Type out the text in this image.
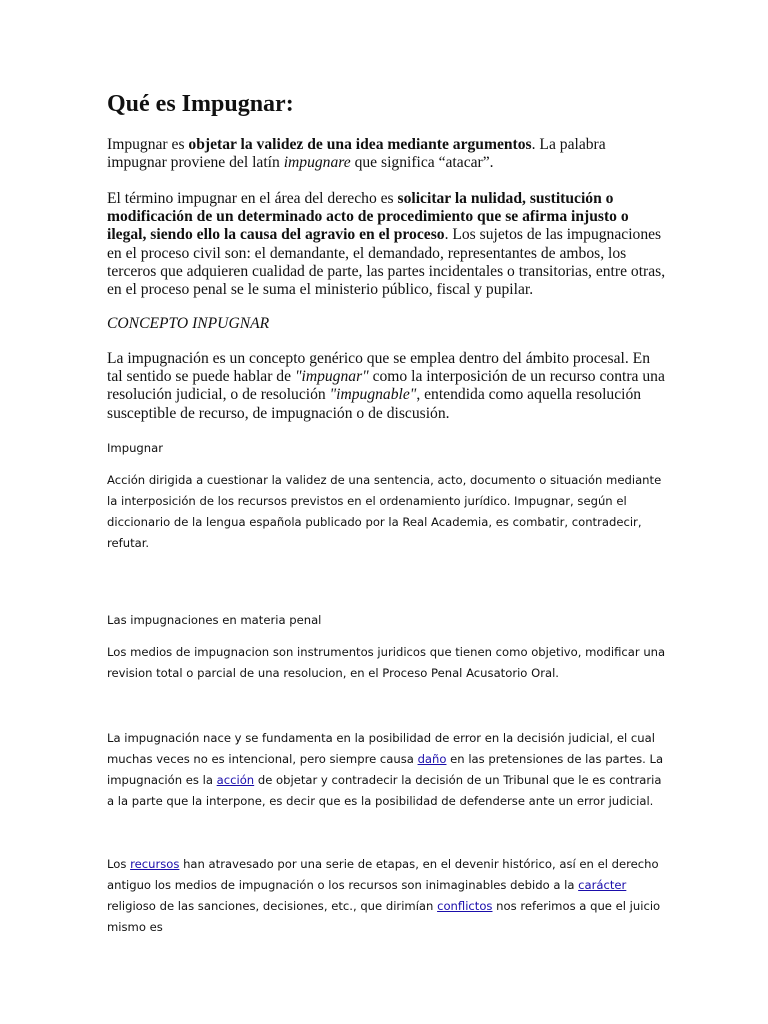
Qué es Impugnar:

Impugnar es objetar la validez de una idea mediante argumentos. La palabra impugnar proviene del latín impugnare que significa “atacar”.

El término impugnar en el área del derecho es solicitar la nulidad, sustitución o modificación de un determinado acto de procedimiento que se afirma injusto o ilegal, siendo ello la causa del agravio en el proceso. Los sujetos de las impugnaciones en el proceso civil son: el demandante, el demandado, representantes de ambos, los terceros que adquieren cualidad de parte, las partes incidentales o transitorias, entre otras, en el proceso penal se le suma el ministerio público, fiscal y pupilar.

CONCEPTO INPUGNAR

La impugnación es un concepto genérico que se emplea dentro del ámbito procesal. En tal sentido se puede hablar de "impugnar" como la interposición de un recurso contra una resolución judicial, o de resolución "impugnable", entendida como aquella resolución susceptible de recurso, de impugnación o de discusión.

Impugnar

Acción dirigida a cuestionar la validez de una sentencia, acto, documento o situación mediante la interposición de los recursos previstos en el ordenamiento jurídico. Impugnar, según el diccionario de la lengua española publicado por la Real Academia, es combatir, contradecir, refutar.

Las impugnaciones en materia penal

Los medios de impugnacion son instrumentos juridicos que tienen como objetivo, modificar una revision total o parcial de una resolucion, en el Proceso Penal Acusatorio Oral.

La impugnación nace y se fundamenta en la posibilidad de error en la decisión judicial, el cual muchas veces no es intencional, pero siempre causa daño en las pretensiones de las partes. La impugnación es la acción de objetar y contradecir la decisión de un Tribunal que le es contraria a la parte que la interpone, es decir que es la posibilidad de defenderse ante un error judicial.

Los recursos han atravesado por una serie de etapas, en el devenir histórico, así en el derecho antiguo los medios de impugnación o los recursos son inimaginables debido a la carácter religioso de las sanciones, decisiones, etc., que dirimían conflictos nos referimos a que el juicio mismo es
